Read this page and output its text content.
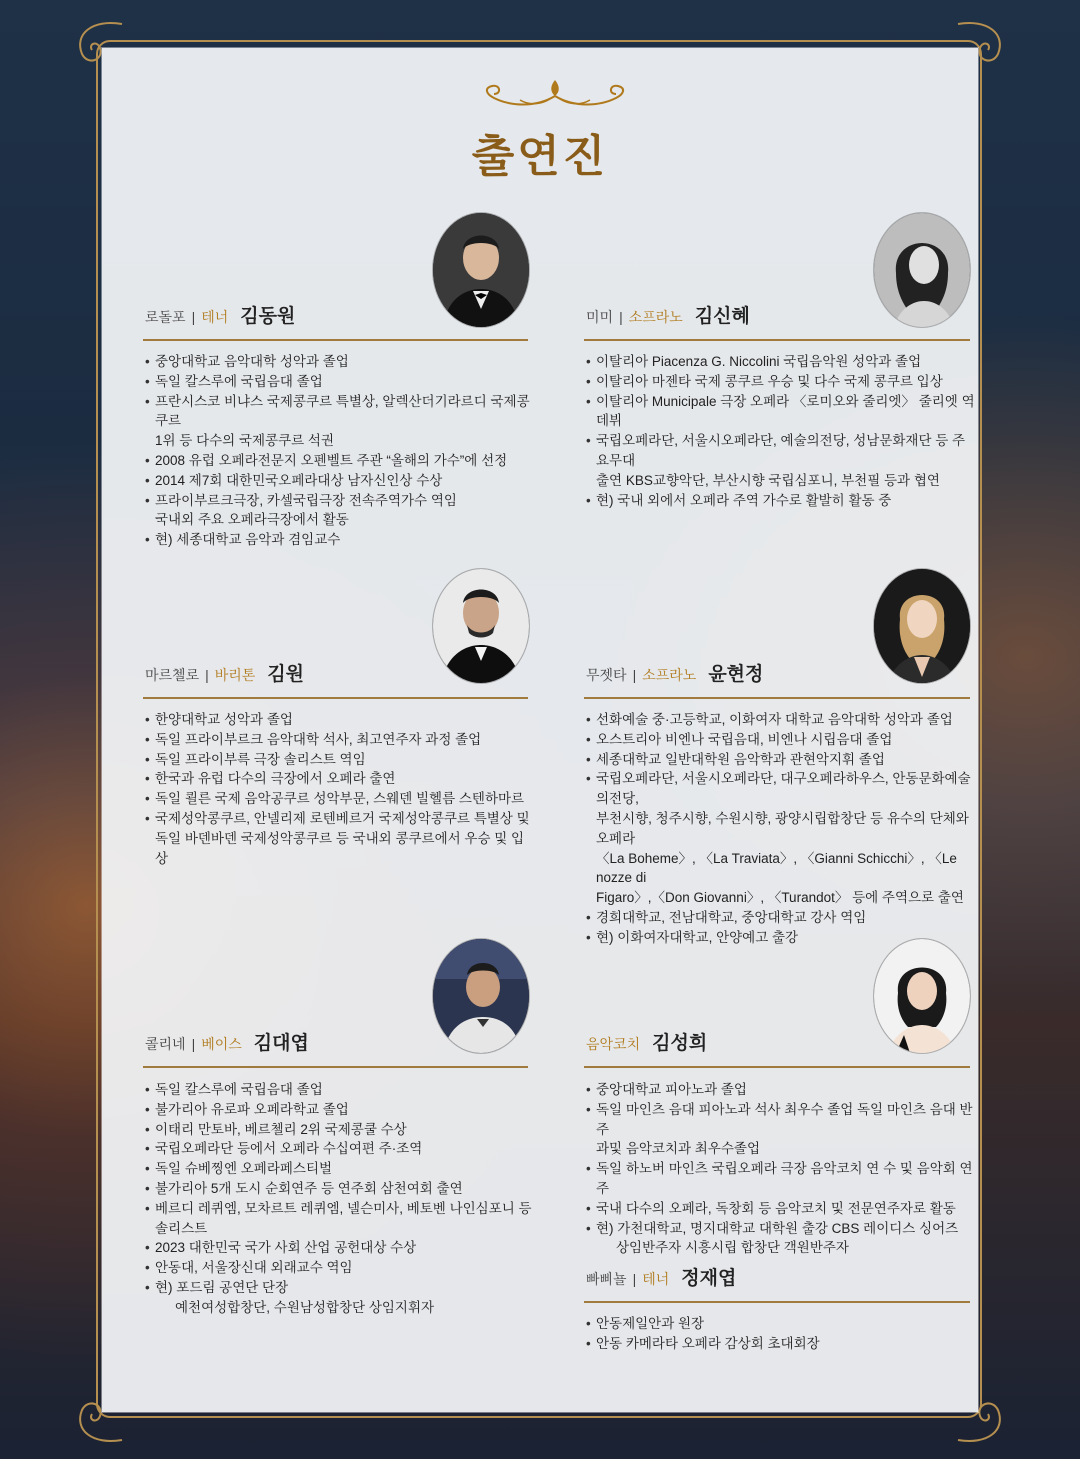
출연진
로돌포 | 테너 김동원
• 중앙대학교 음악대학 성악과 졸업
• 독일 칼스루에 국립음대 졸업
• 프란시스코 비냐스 국제콩쿠르 특별상, 알렉산더기라르디 국제콩쿠르
1위 등 다수의 국제콩쿠르 석권
• 2008 유럽 오페라전문지 오펜벨트 주관 “올해의 가수”에 선정
• 2014 제7회 대한민국오페라대상 남자신인상 수상
• 프라이부르크극장, 카셀국립극장 전속주역가수 역임
국내외 주요 오페라극장에서 활동
• 현) 세종대학교 음악과 겸임교수
미미 | 소프라노 김신혜
• 이탈리아 Piacenza G. Niccolini 국립음악원 성악과 졸업
• 이탈리아 마젠타 국제 콩쿠르 우승 및 다수 국제 콩쿠르 입상
• 이탈리아 Municipale 극장 오페라 〈로미오와 줄리엣〉 줄리엣 역 데뷔
• 국립오페라단, 서울시오페라단, 예술의전당, 성남문화재단 등 주요무대
출연 KBS교향악단, 부산시향 국립심포니, 부천필 등과 협연
• 현) 국내 외에서 오페라 주역 가수로 활발히 활동 중
마르첼로 | 바리톤 김원
• 한양대학교 성악과 졸업
• 독일 프라이부르크 음악대학 석사, 최고연주자 과정 졸업
• 독일 프라이부륵 극장 솔리스트 역임
• 한국과 유럽 다수의 극장에서 오페라 출연
• 독일 쾰른 국제 음악공쿠르 성악부문, 스웨덴 빌헬름 스텐하마르
• 국제성악콩쿠르, 안넬리제 로텐베르거 국제성악콩쿠르 특별상 및
독일 바덴바덴 국제성악콩쿠르 등 국내외 콩쿠르에서 우승 및 입상
무젯타 | 소프라노 윤현정
• 선화예술 중·고등학교, 이화여자 대학교 음악대학 성악과 졸업
• 오스트리아 비엔나 국립음대, 비엔나 시립음대 졸업
• 세종대학교 일반대학원 음악학과 관현악지휘 졸업
• 국립오페라단, 서울시오페라단, 대구오페라하우스, 안동문화예술의전당,
부천시향, 청주시향, 수원시향, 광양시립합창단 등 유수의 단체와 오페라
〈La Boheme〉, 〈La Traviata〉, 〈Gianni Schicchi〉, 〈Le nozze di
Figaro〉,〈Don Giovanni〉, 〈Turandot〉 등에 주역으로 출연
• 경희대학교, 전남대학교, 중앙대학교 강사 역임
• 현) 이화여자대학교, 안양예고 출강
콜리네 | 베이스 김대엽
• 독일 칼스루에 국립음대 졸업
• 불가리아 유로파 오페라학교 졸업
• 이태리 만토바, 베르첼리 2위 국제콩쿨 수상
• 국립오페라단 등에서 오페라 수십여편 주·조역
• 독일 슈베찡엔 오페라페스티벌
• 불가리아 5개 도시 순회연주 등 연주회 삼천여회 출연
• 베르디 레퀴엠, 모차르트 레퀴엠, 넬슨미사, 베토벤 나인심포니 등
솔리스트
• 2023 대한민국 국가 사회 산업 공헌대상 수상
• 안동대, 서울장신대 외래교수 역임
• 현) 포드림 공연단 단장
예천여성합창단, 수원남성합창단 상임지휘자
음악코치 김성희
• 중앙대학교 피아노과 졸업
• 독일 마인츠 음대 피아노과 석사 최우수 졸업 독일 마인츠 음대 반주
과및 음악코치과 최우수졸업
• 독일 하노버 마인츠 국립오페라 극장 음악코치 연 수 및 음악회 연주
• 국내 다수의 오페라, 독창회 등 음악코치 및 전문연주자로 활동
• 현) 가천대학교, 명지대학교 대학원 출강 CBS 레이디스 싱어즈
상임반주자 시흥시립 합창단 객원반주자
빠삐뇰 | 테너 정재엽
• 안동제일안과 원장
• 안동 카메라타 오페라 감상회 초대회장
